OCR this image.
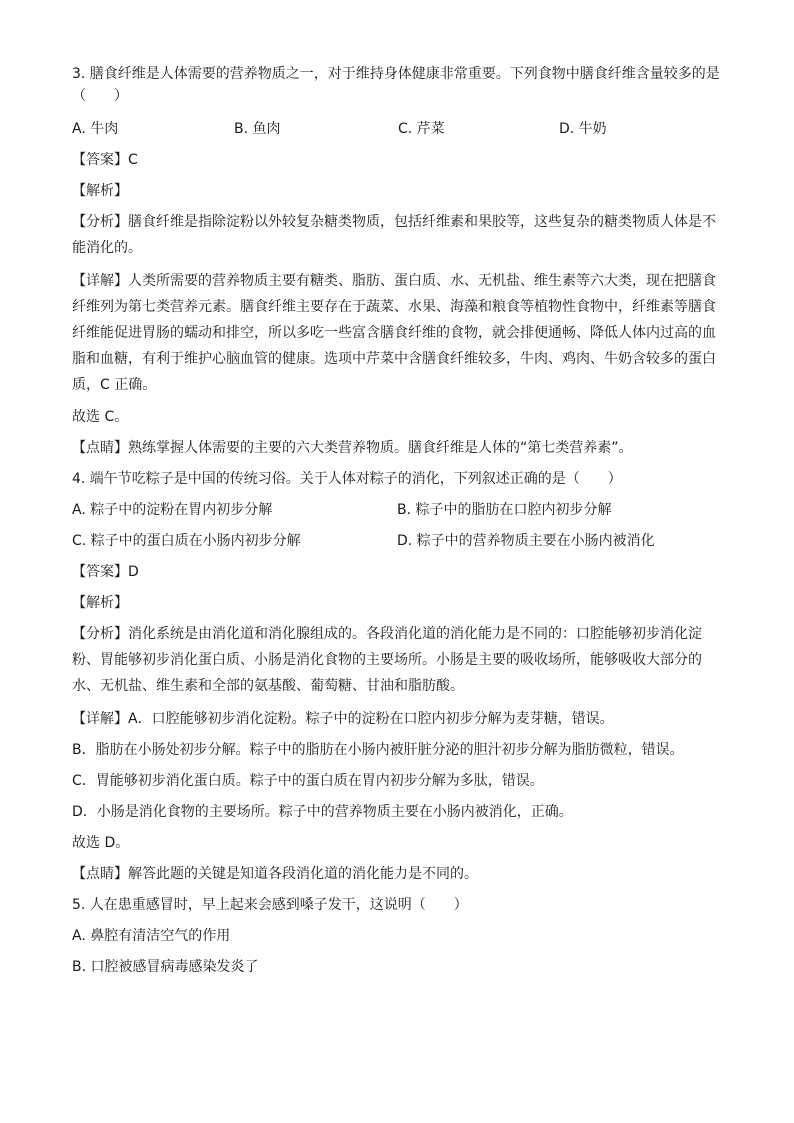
3. 膳食纤维是人体需要的营养物质之一，对于维持身体健康非常重要。下列食物中膳食纤维含量较多的是

（　　）

A. 牛肉	B. 鱼肉	C. 芹菜	D. 牛奶

【答案】C

【解析】

【分析】膳食纤维是指除淀粉以外较复杂糖类物质，包括纤维素和果胶等，这些复杂的糖类物质人体是不

能消化的。

【详解】人类所需要的营养物质主要有糖类、脂肪、蛋白质、水、无机盐、维生素等六大类，现在把膳食

纤维列为第七类营养元素。膳食纤维主要存在于蔬菜、水果、海藻和粮食等植物性食物中，纤维素等膳食

纤维能促进胃肠的蠕动和排空，所以多吃一些富含膳食纤维的食物，就会排便通畅、降低人体内过高的血

脂和血糖，有利于维护心脑血管的健康。选项中芹菜中含膳食纤维较多，牛肉、鸡肉、牛奶含较多的蛋白

质，C 正确。

故选 C。

【点睛】熟练掌握人体需要的主要的六大类营养物质。膳食纤维是人体的“第七类营养素”。

4. 端午节吃粽子是中国的传统习俗。关于人体对粽子的消化，下列叙述正确的是（　　）

A. 粽子中的淀粉在胃内初步分解	B. 粽子中的脂肪在口腔内初步分解
C. 粽子中的蛋白质在小肠内初步分解	D. 粽子中的营养物质主要在小肠内被消化

【答案】D

【解析】

【分析】消化系统是由消化道和消化腺组成的。各段消化道的消化能力是不同的：口腔能够初步消化淀

粉、胃能够初步消化蛋白质、小肠是消化食物的主要场所。小肠是主要的吸收场所，能够吸收大部分的

水、无机盐、维生素和全部的氨基酸、葡萄糖、甘油和脂肪酸。

【详解】A．口腔能够初步消化淀粉。粽子中的淀粉在口腔内初步分解为麦芽糖，错误。

B．脂肪在小肠处初步分解。粽子中的脂肪在小肠内被肝脏分泌的胆汁初步分解为脂肪微粒，错误。

C．胃能够初步消化蛋白质。粽子中的蛋白质在胃内初步分解为多肽，错误。

D．小肠是消化食物的主要场所。粽子中的营养物质主要在小肠内被消化，正确。

故选 D。

【点睛】解答此题的关键是知道各段消化道的消化能力是不同的。

5. 人在患重感冒时，早上起来会感到嗓子发干，这说明（　　）

A. 鼻腔有清洁空气的作用

B. 口腔被感冒病毒感染发炎了
